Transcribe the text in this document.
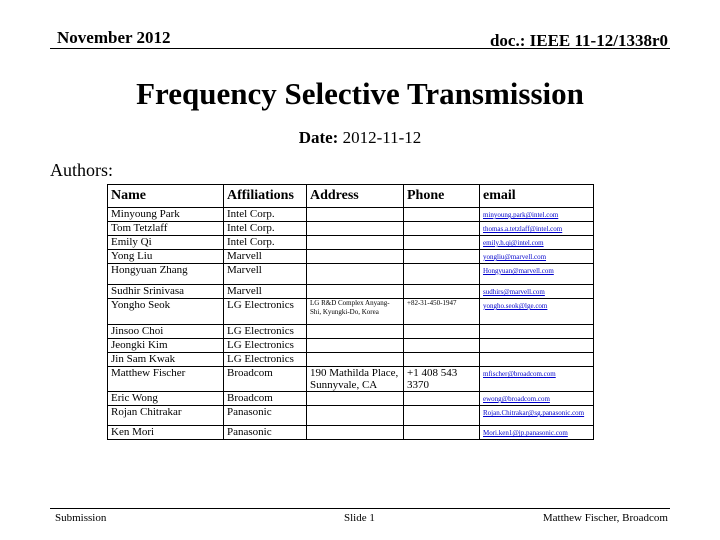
November 2012	doc.: IEEE 11-12/1338r0
Frequency Selective Transmission
Date: 2012-11-12
Authors:
Name	Affiliations	Address	Phone	email
Minyoung Park	Intel Corp.			minyoung.park@intel.com
Tom Tetzlaff	Intel Corp.			thomas.a.tetzlaff@intel.com
Emily Qi	Intel Corp.			emily.h.qi@intel.com
Yong Liu	Marvell			yongliu@marvell.com
Hongyuan Zhang	Marvell			Hongyuan@marvell.com
Sudhir Srinivasa	Marvell			sudhirs@marvell.com
Yongho Seok	LG Electronics	LG R&D Complex Anyang-Shi, Kyungki-Do, Korea	+82-31-450-1947	yongho.seok@lge.com
Jinsoo Choi	LG Electronics			
Jeongki Kim	LG Electronics			
Jin Sam Kwak	LG Electronics			
Matthew Fischer	Broadcom	190 Mathilda Place, Sunnyvale, CA	+1 408 543 3370	mfischer@broadcom.com
Eric Wong	Broadcom			ewong@broadcom.com
Rojan Chitrakar	Panasonic			Rojan.Chitrakar@sg.panasonic.com
Ken Mori	Panasonic			Mori.ken1@jp.panasonic.com
Submission	Slide 1	Matthew Fischer, Broadcom
